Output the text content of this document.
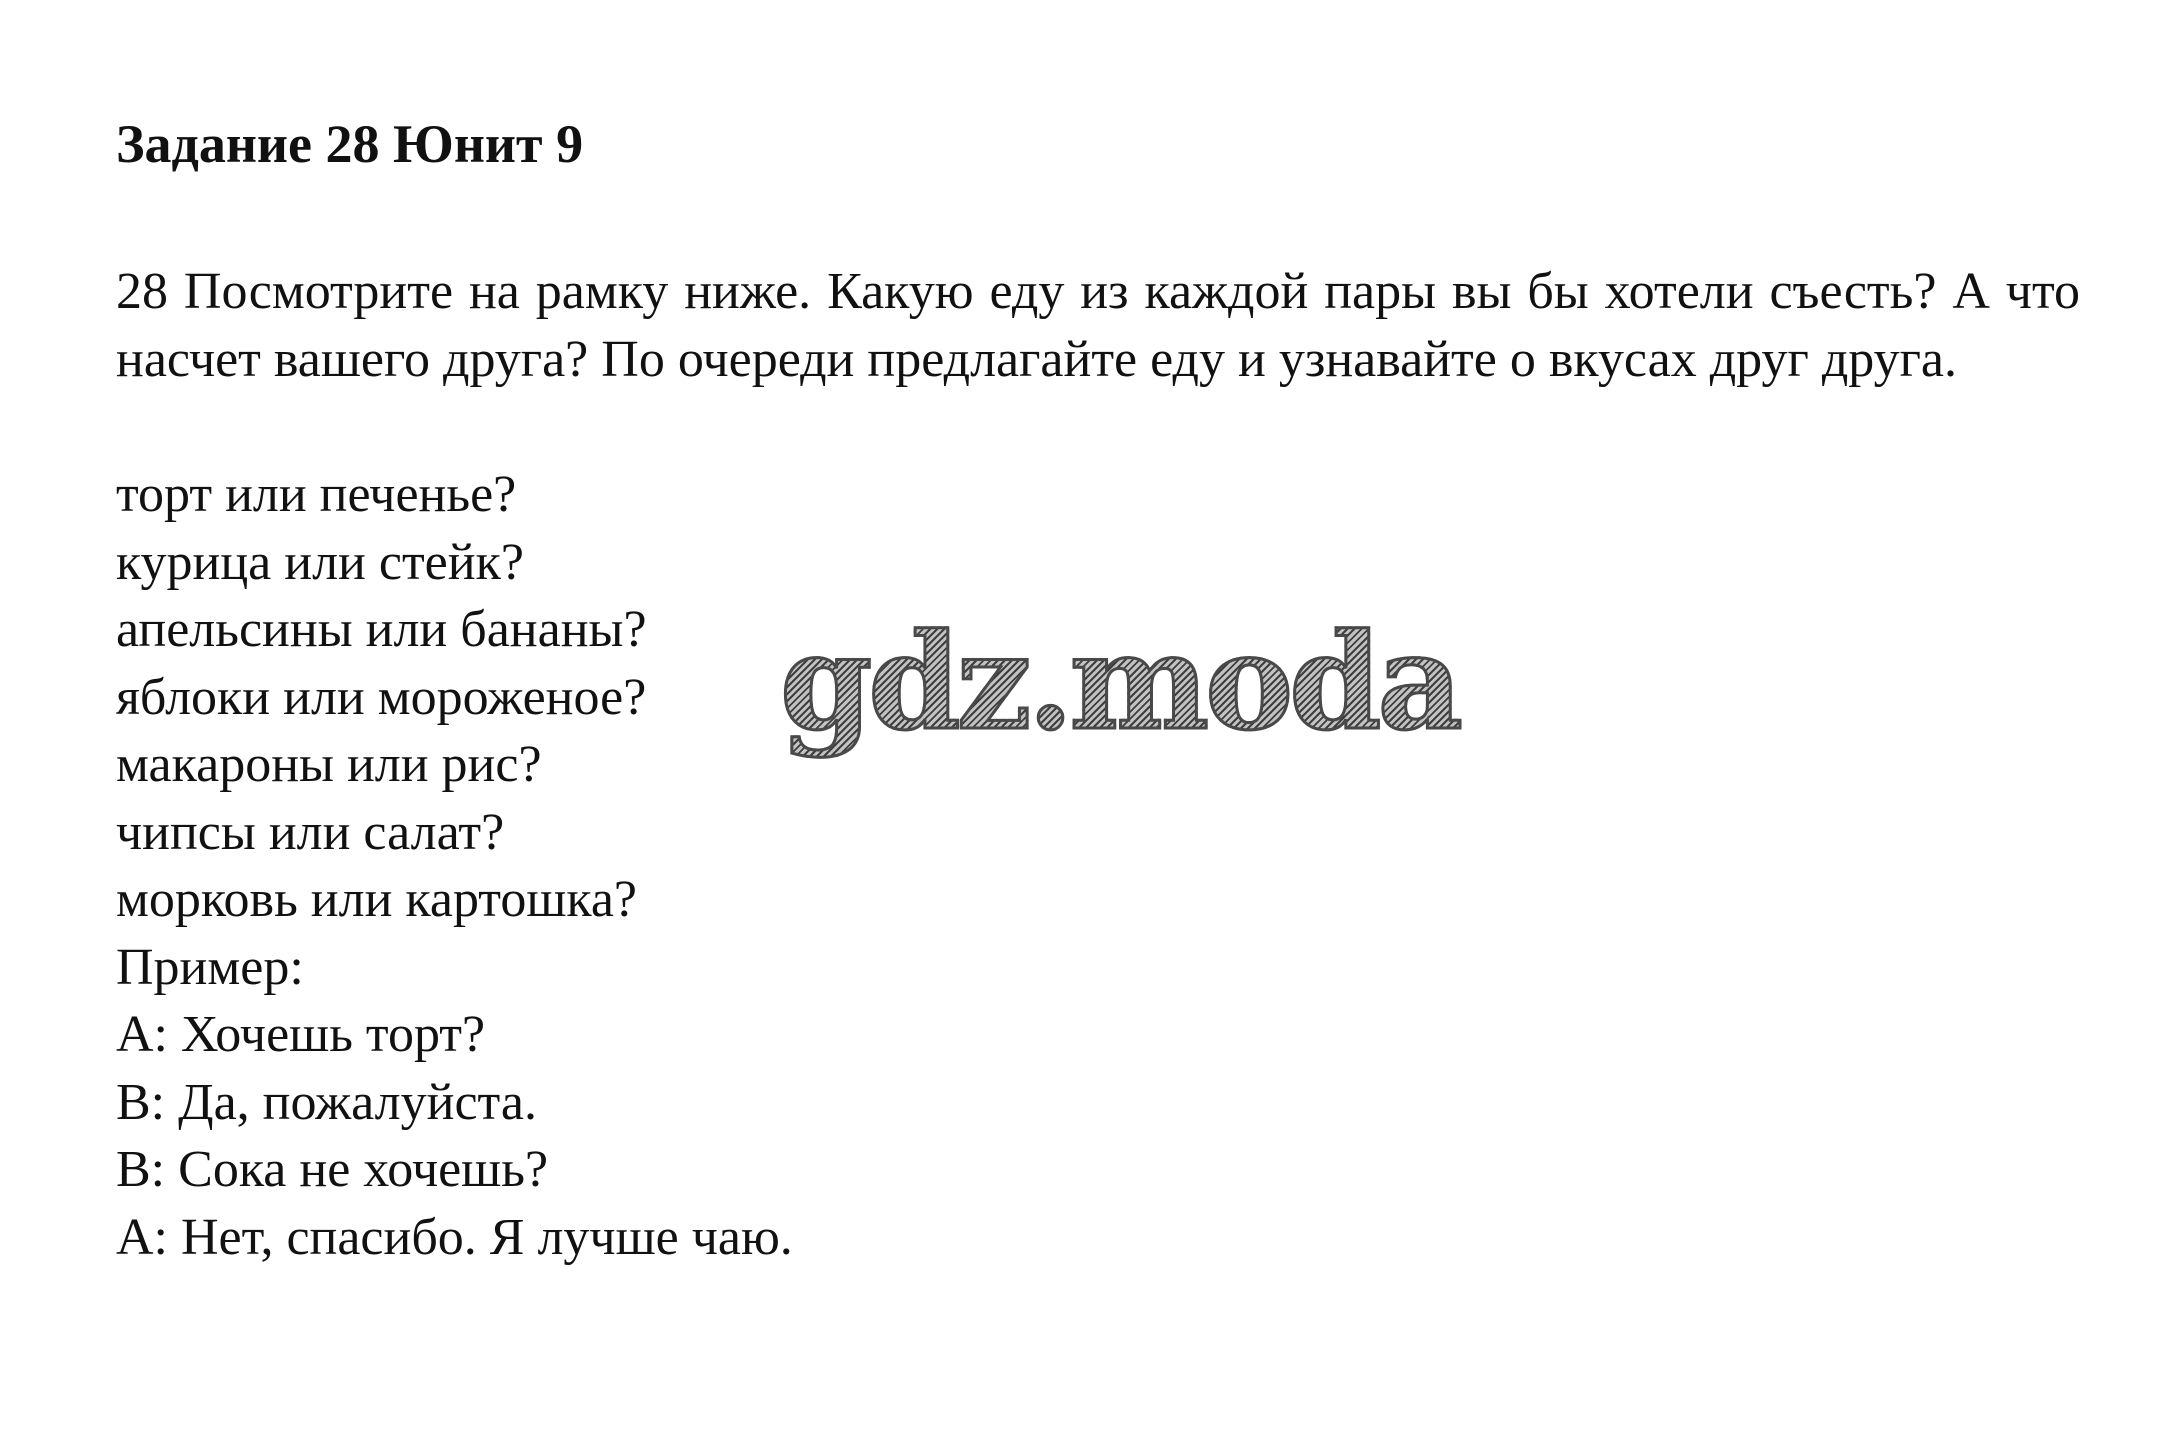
Задание 28 Юнит 9

28 Посмотрите на рамку ниже. Какую еду из каждой пары вы бы хотели съесть? А что насчет вашего друга? По очереди предлагайте еду и узнавайте о вкусах друг друга.

торт или печенье?
курица или стейк?
апельсины или бананы?
яблоки или мороженое?
макароны или рис?
чипсы или салат?
морковь или картошка?
Пример:
A: Хочешь торт?
B: Да, пожалуйста.
B: Сока не хочешь?
A: Нет, спасибо. Я лучше чаю.
gdz.moda
